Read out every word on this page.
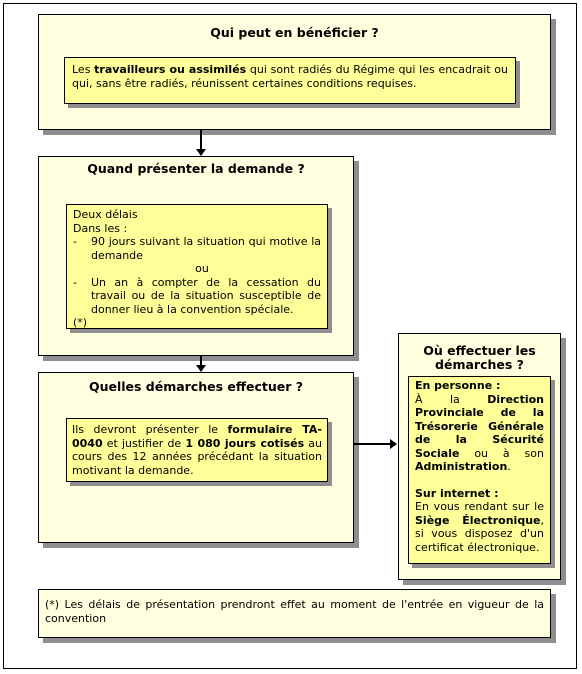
Qui peut en bénéficier ?
Les travailleurs ou assimilés qui sont radiés du Régime qui les encadrait ou qui, sans être radiés, réunissent certaines conditions requises.
Quand présenter la demande ?
Deux délais
Dans les :
-	90 jours suivant la situation qui motive la demande
ou
-	Un an à compter de la cessation du travail ou de la situation susceptible de donner lieu à la convention spéciale.
(*)
Quelles démarches effectuer ?
Ils devront présenter le formulaire TA-0040 et justifier de 1 080 jours cotisés au cours des 12 années précédant la situation motivant la demande.
Où effectuer les démarches ?
En personne :
À la Direction Provinciale de la Trésorerie Générale de la Sécurité Sociale ou à son Administration.
Sur internet :
En vous rendant sur le Siège Électronique, si vous disposez d'un certificat électronique.
(*) Les délais de présentation prendront effet au moment de l'entrée en vigueur de la convention
